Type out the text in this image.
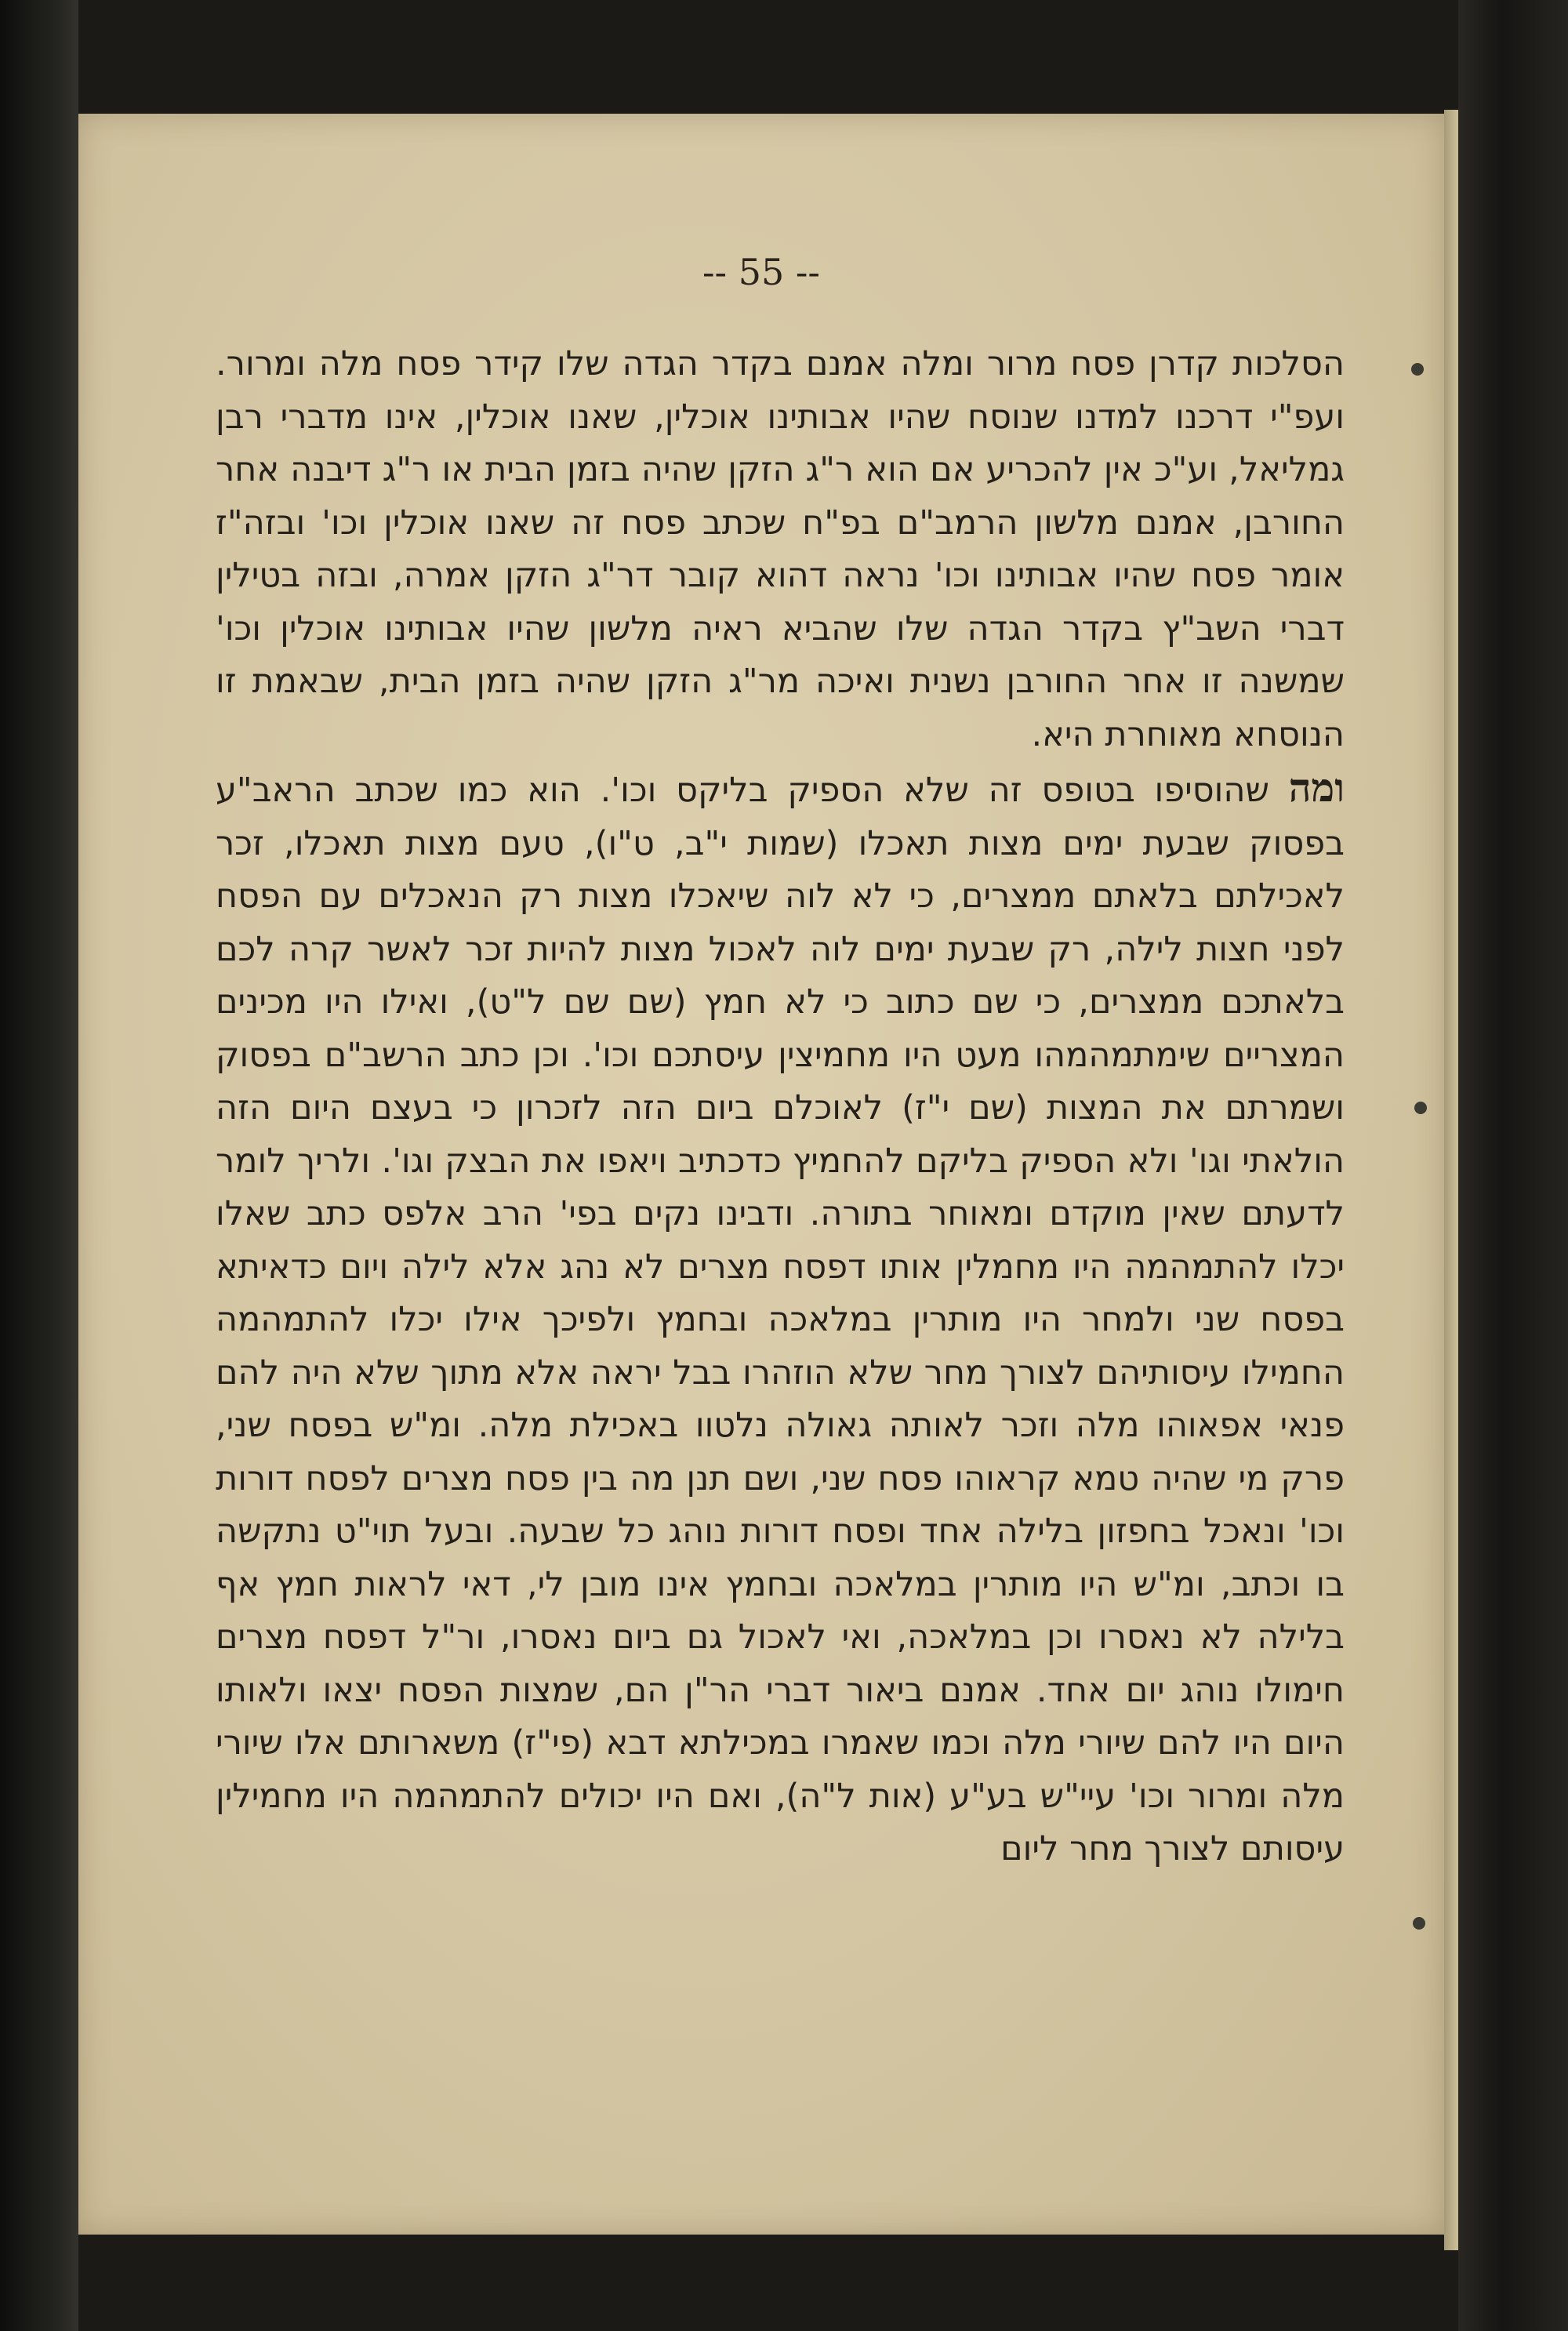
-- 55 --

הסלכות קדרן פסח מרור ומלה אמנם בקדר הגדה שלו קידר פסח מלה ומרור. ועפ"י דרכנו למדנו שנוסח שהיו אבותינו אוכלין, שאנו אוכלין, אינו מדברי רבן גמליאל, וע"כ אין להכריע אם הוא ר"ג הזקן שהיה בזמן הבית או ר"ג דיבנה אחר החורבן, אמנם מלשון הרמב"ם בפ"ח שכתב פסח זה שאנו אוכלין וכו' ובזה"ז אומר פסח שהיו אבותינו וכו' נראה דהוא קובר דר"ג הזקן אמרה, ובזה בטילין דברי השב"ץ בקדר הגדה שלו שהביא ראיה מלשון שהיו אבותינו אוכלין וכו' שמשנה זו אחר החורבן נשנית ואיכה מר"ג הזקן שהיה בזמן הבית, שבאמת זו הנוסחא מאוחרת היא.

ומה שהוסיפו בטופס זה שלא הספיק בליקס וכו'. הוא כמו שכתב הראב"ע בפסוק שבעת ימים מצות תאכלו (שמות י"ב, ט"ו), טעם מצות תאכלו, זכר לאכילתם בלאתם ממצרים, כי לא לוה שיאכלו מצות רק הנאכלים עם הפסח לפני חצות לילה, רק שבעת ימים לוה לאכול מצות להיות זכר לאשר קרה לכם בלאתכם ממצרים, כי שם כתוב כי לא חמץ (שם שם ל"ט), ואילו היו מכינים המצריים שימתמהמהו מעט היו מחמיצין עיסתכם וכו'. וכן כתב הרשב"ם בפסוק ושמרתם את המצות (שם י"ז) לאוכלם ביום הזה לזכרון כי בעצם היום הזה הולאתי וגו' ולא הספיק בליקם להחמיץ כדכתיב ויאפו את הבצק וגו'. ולריך לומר לדעתם שאין מוקדם ומאוחר בתורה. ודבינו נקים בפי' הרב אלפס כתב שאלו יכלו להתמהמה היו מחמלין אותו דפסח מצרים לא נהג אלא לילה ויום כדאיתא בפסח שני ולמחר היו מותרין במלאכה ובחמץ ולפיכך אילו יכלו להתמהמה החמילו עיסותיהם לצורך מחר שלא הוזהרו בבל יראה אלא מתוך שלא היה להם פנאי אפאוהו מלה וזכר לאותה גאולה נלטוו באכילת מלה. ומ"ש בפסח שני, פרק מי שהיה טמא קראוהו פסח שני, ושם תנן מה בין פסח מצרים לפסח דורות וכו' ונאכל בחפזון בלילה אחד ופסח דורות נוהג כל שבעה. ובעל תוי"ט נתקשה בו וכתב, ומ"ש היו מותרין במלאכה ובחמץ אינו מובן לי, דאי לראות חמץ אף בלילה לא נאסרו וכן במלאכה, ואי לאכול גם ביום נאסרו, ור"ל דפסח מצרים חימולו נוהג יום אחד. אמנם ביאור דברי הר"ן הם, שמצות הפסח יצאו ולאותו היום היו להם שיורי מלה וכמו שאמרו במכילתא דבא (פי"ז) משארותם אלו שיורי מלה ומרור וכו' עיי"ש בע"ע (אות ל"ה), ואם היו יכולים להתמהמה היו מחמילין עיסותם לצורך מחר ליום
